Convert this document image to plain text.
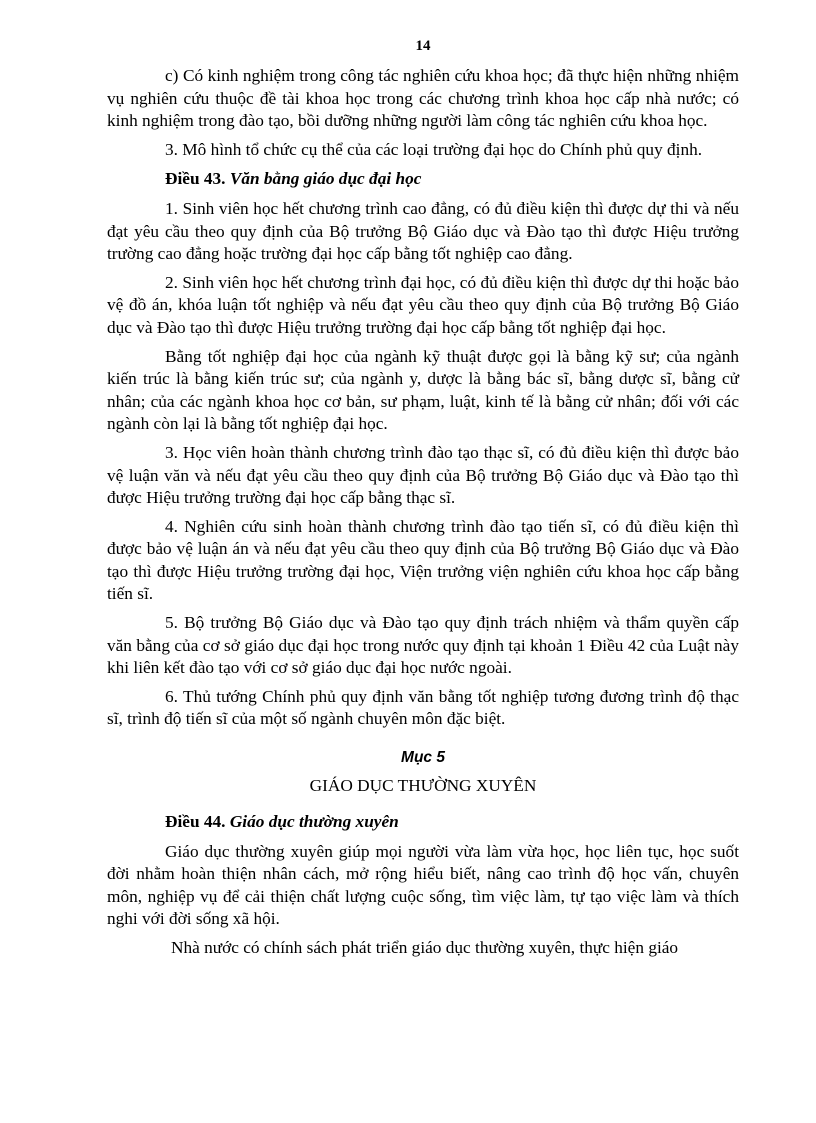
14

c) Có kinh nghiệm trong công tác nghiên cứu khoa học; đã thực hiện những nhiệm vụ nghiên cứu thuộc đề tài khoa học trong các chương trình khoa học cấp nhà nước; có kinh nghiệm trong đào tạo, bồi dưỡng những người làm công tác nghiên cứu khoa học.

3. Mô hình tổ chức cụ thể của các loại trường đại học do Chính phủ quy định.

Điều 43. Văn bằng giáo dục đại học

1. Sinh viên học hết chương trình cao đẳng, có đủ điều kiện thì được dự thi và nếu đạt yêu cầu theo quy định của Bộ trưởng Bộ Giáo dục và Đào tạo thì được Hiệu trưởng trường cao đẳng hoặc trường đại học cấp bằng tốt nghiệp cao đẳng.

2. Sinh viên học hết chương trình đại học, có đủ điều kiện thì được dự thi hoặc bảo vệ đồ án, khóa luận tốt nghiệp và nếu đạt yêu cầu theo quy định của Bộ trưởng Bộ Giáo dục và Đào tạo thì được Hiệu trưởng trường đại học cấp bằng tốt nghiệp đại học.

Bằng tốt nghiệp đại học của ngành kỹ thuật được gọi là bằng kỹ sư; của ngành kiến trúc là bằng kiến trúc sư; của ngành y, dược là bằng bác sĩ, bằng dược sĩ, bằng cử nhân; của các ngành khoa học cơ bản, sư phạm, luật, kinh tế là bằng cử nhân; đối với các ngành còn lại là bằng tốt nghiệp đại học.

3. Học viên hoàn thành chương trình đào tạo thạc sĩ, có đủ điều kiện thì được bảo vệ luận văn và nếu đạt yêu cầu theo quy định của Bộ trưởng Bộ Giáo dục và Đào tạo thì được Hiệu trưởng trường đại học cấp bằng thạc sĩ.

4. Nghiên cứu sinh hoàn thành chương trình đào tạo tiến sĩ, có đủ điều kiện thì được bảo vệ luận án và nếu đạt yêu cầu theo quy định của Bộ trưởng Bộ Giáo dục và Đào tạo thì được Hiệu trưởng trường đại học, Viện trưởng viện nghiên cứu khoa học cấp bằng tiến sĩ.

5. Bộ trưởng Bộ Giáo dục và Đào tạo quy định trách nhiệm và thẩm quyền cấp văn bằng của cơ sở giáo dục đại học trong nước quy định tại khoản 1 Điều 42 của Luật này khi liên kết đào tạo với cơ sở giáo dục đại học nước ngoài.

6. Thủ tướng Chính phủ quy định văn bằng tốt nghiệp tương đương trình độ thạc sĩ, trình độ tiến sĩ của một số ngành chuyên môn đặc biệt.

Mục 5
GIÁO DỤC THƯỜNG XUYÊN

Điều 44. Giáo dục thường xuyên

Giáo dục thường xuyên giúp mọi người vừa làm vừa học, học liên tục, học suốt đời nhằm hoàn thiện nhân cách, mở rộng hiểu biết, nâng cao trình độ học vấn, chuyên môn, nghiệp vụ để cải thiện chất lượng cuộc sống, tìm việc làm, tự tạo việc làm và thích nghi với đời sống xã hội.

Nhà nước có chính sách phát triển giáo dục thường xuyên, thực hiện giáo
